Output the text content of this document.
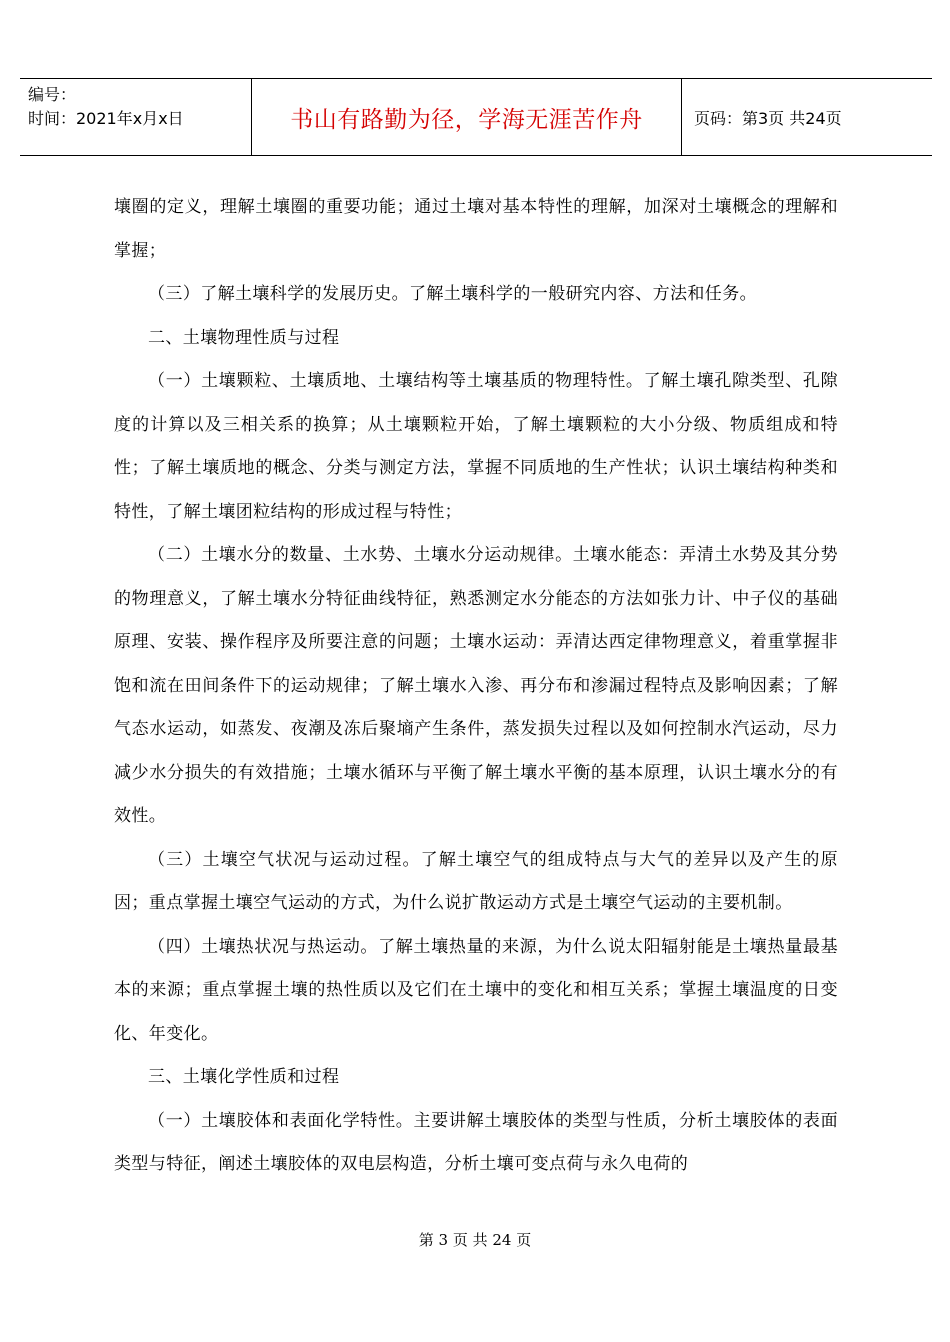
编号：
时间：2021年x月x日	书山有路勤为径，学海无涯苦作舟	页码：第3页 共24页

壤圈的定义，理解土壤圈的重要功能；通过土壤对基本特性的理解，加深对土壤概念的理解和掌握；

（三）了解土壤科学的发展历史。了解土壤科学的一般研究内容、方法和任务。

二、土壤物理性质与过程

（一）土壤颗粒、土壤质地、土壤结构等土壤基质的物理特性。了解土壤孔隙类型、孔隙度的计算以及三相关系的换算；从土壤颗粒开始，了解土壤颗粒的大小分级、物质组成和特性；了解土壤质地的概念、分类与测定方法，掌握不同质地的生产性状；认识土壤结构种类和特性，了解土壤团粒结构的形成过程与特性；

（二）土壤水分的数量、土水势、土壤水分运动规律。土壤水能态：弄清土水势及其分势的物理意义，了解土壤水分特征曲线特征，熟悉测定水分能态的方法如张力计、中子仪的基础原理、安装、操作程序及所要注意的问题；土壤水运动：弄清达西定律物理意义，着重掌握非饱和流在田间条件下的运动规律；了解土壤水入渗、再分布和渗漏过程特点及影响因素；了解气态水运动，如蒸发、夜潮及冻后聚墒产生条件，蒸发损失过程以及如何控制水汽运动，尽力减少水分损失的有效措施；土壤水循环与平衡了解土壤水平衡的基本原理，认识土壤水分的有效性。

（三）土壤空气状况与运动过程。了解土壤空气的组成特点与大气的差异以及产生的原因；重点掌握土壤空气运动的方式，为什么说扩散运动方式是土壤空气运动的主要机制。

（四）土壤热状况与热运动。了解土壤热量的来源，为什么说太阳辐射能是土壤热量最基本的来源；重点掌握土壤的热性质以及它们在土壤中的变化和相互关系；掌握土壤温度的日变化、年变化。

三、土壤化学性质和过程

（一）土壤胶体和表面化学特性。主要讲解土壤胶体的类型与性质，分析土壤胶体的表面类型与特征，阐述土壤胶体的双电层构造，分析土壤可变点荷与永久电荷的

第 3 页 共 24 页
